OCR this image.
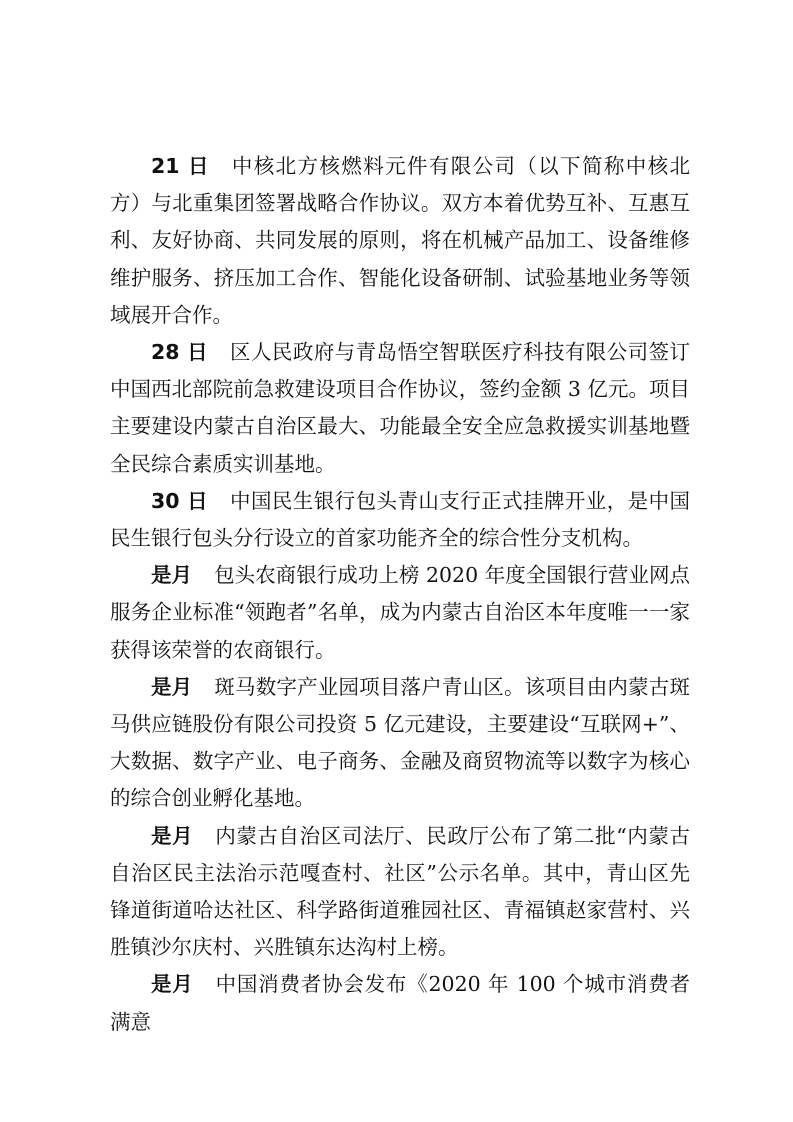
21 日 中核北方核燃料元件有限公司（以下简称中核北方）与北重集团签署战略合作协议。双方本着优势互补、互惠互利、友好协商、共同发展的原则，将在机械产品加工、设备维修维护服务、挤压加工合作、智能化设备研制、试验基地业务等领域展开合作。

28 日 区人民政府与青岛悟空智联医疗科技有限公司签订中国西北部院前急救建设项目合作协议，签约金额 3 亿元。项目主要建设内蒙古自治区最大、功能最全安全应急救援实训基地暨全民综合素质实训基地。

30 日 中国民生银行包头青山支行正式挂牌开业，是中国民生银行包头分行设立的首家功能齐全的综合性分支机构。

是月 包头农商银行成功上榜 2020 年度全国银行营业网点服务企业标准“领跑者”名单，成为内蒙古自治区本年度唯一一家获得该荣誉的农商银行。

是月 斑马数字产业园项目落户青山区。该项目由内蒙古斑马供应链股份有限公司投资 5 亿元建设，主要建设“互联网+”、大数据、数字产业、电子商务、金融及商贸物流等以数字为核心的综合创业孵化基地。

是月 内蒙古自治区司法厅、民政厅公布了第二批“内蒙古自治区民主法治示范嘎查村、社区”公示名单。其中，青山区先锋道街道哈达社区、科学路街道雅园社区、青福镇赵家营村、兴胜镇沙尔庆村、兴胜镇东达沟村上榜。

是月 中国消费者协会发布《2020 年 100 个城市消费者满意
